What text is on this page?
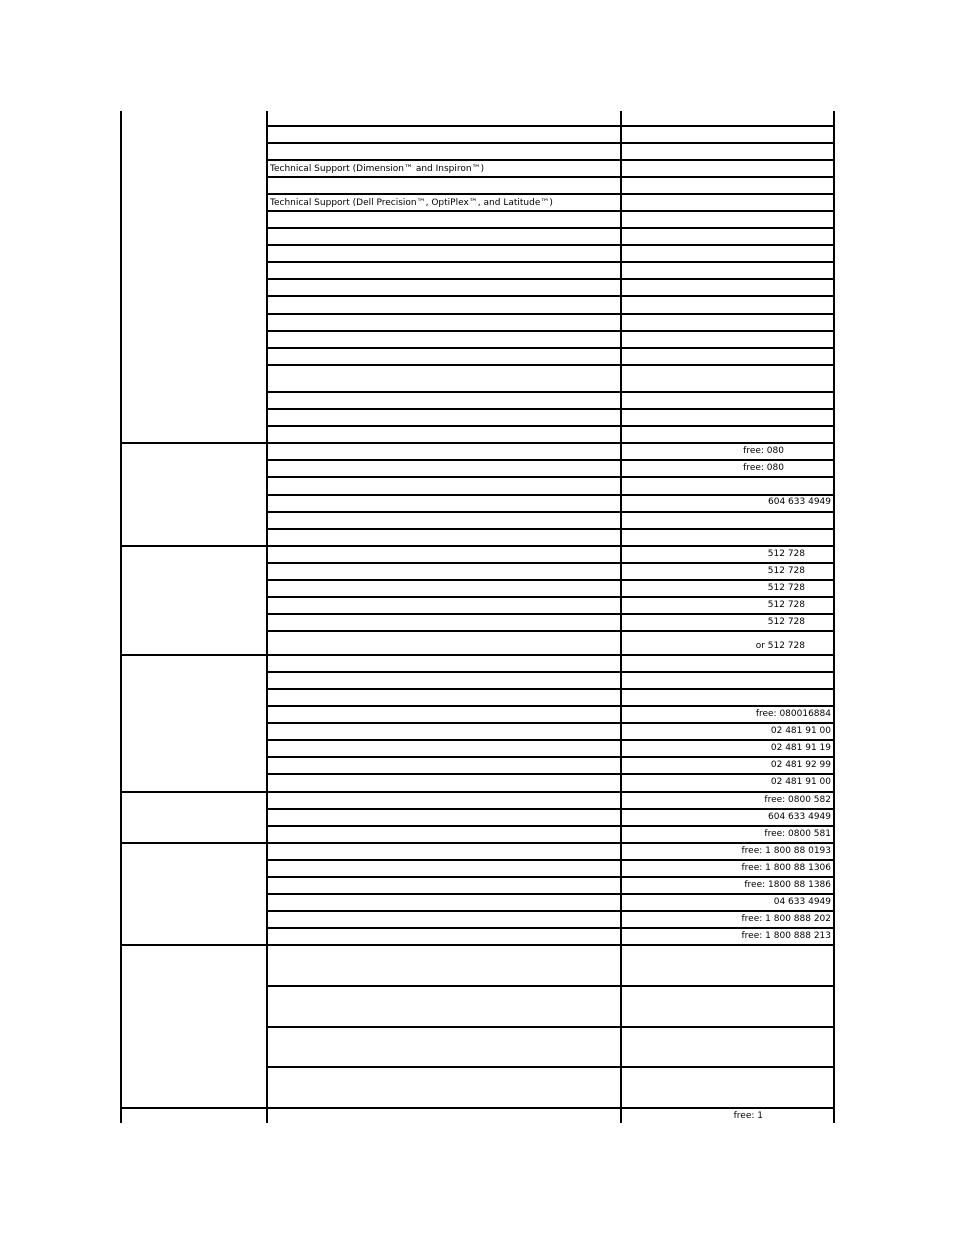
Technical Support (Dimension™ and Inspiron™)
Technical Support (Dell Precision™, OptiPlex™, and Latitude™)
free: 080
free: 080
604 633 4949
512 728
512 728
512 728
512 728
512 728
or 512 728
free: 080016884
02 481 91 00
02 481 91 19
02 481 92 99
02 481 91 00
free: 0800 582
604 633 4949
free: 0800 581
free: 1 800 88 0193
free: 1 800 88 1306
free: 1800 88 1386
04 633 4949
free: 1 800 888 202
free: 1 800 888 213
free: 1
